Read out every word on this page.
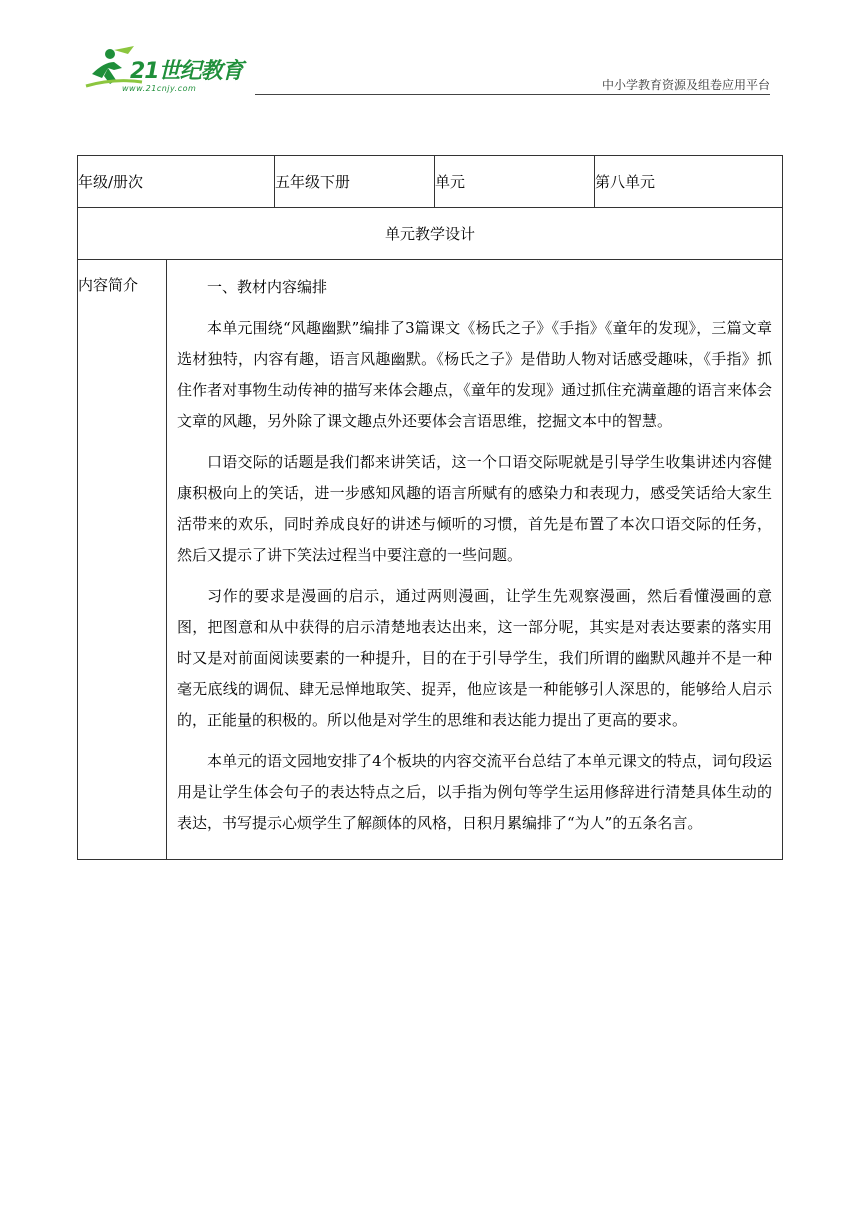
21世纪教育
www.21cnjy.com	中小学教育资源及组卷应用平台
年级/册次		五年级下册	单元	第八单元
单元教学设计				
内容简介	一、教材内容编排

本单元围绕“风趣幽默”编排了3篇课文《杨氏之子》《手指》《童年的发现》，三篇文章选材独特，内容有趣，语言风趣幽默。《杨氏之子》是借助人物对话感受趣味，《手指》抓住作者对事物生动传神的描写来体会趣点，《童年的发现》通过抓住充满童趣的语言来体会文章的风趣，另外除了课文趣点外还要体会言语思维，挖掘文本中的智慧。

口语交际的话题是我们都来讲笑话，这一个口语交际呢就是引导学生收集讲述内容健康积极向上的笑话，进一步感知风趣的语言所赋有的感染力和表现力，感受笑话给大家生活带来的欢乐，同时养成良好的讲述与倾听的习惯，首先是布置了本次口语交际的任务，然后又提示了讲下笑法过程当中要注意的一些问题。

习作的要求是漫画的启示，通过两则漫画，让学生先观察漫画，然后看懂漫画的意图，把图意和从中获得的启示清楚地表达出来，这一部分呢，其实是对表达要素的落实用时又是对前面阅读要素的一种提升，目的在于引导学生，我们所谓的幽默风趣并不是一种毫无底线的调侃、肆无忌惮地取笑、捉弄，他应该是一种能够引人深思的，能够给人启示的，正能量的积极的。所以他是对学生的思维和表达能力提出了更高的要求。

本单元的语文园地安排了4个板块的内容交流平台总结了本单元课文的特点，词句段运用是让学生体会句子的表达特点之后，以手指为例句等学生运用修辞进行清楚具体生动的表达，书写提示心烦学生了解颜体的风格，日积月累编排了“为人”的五条名言。			
